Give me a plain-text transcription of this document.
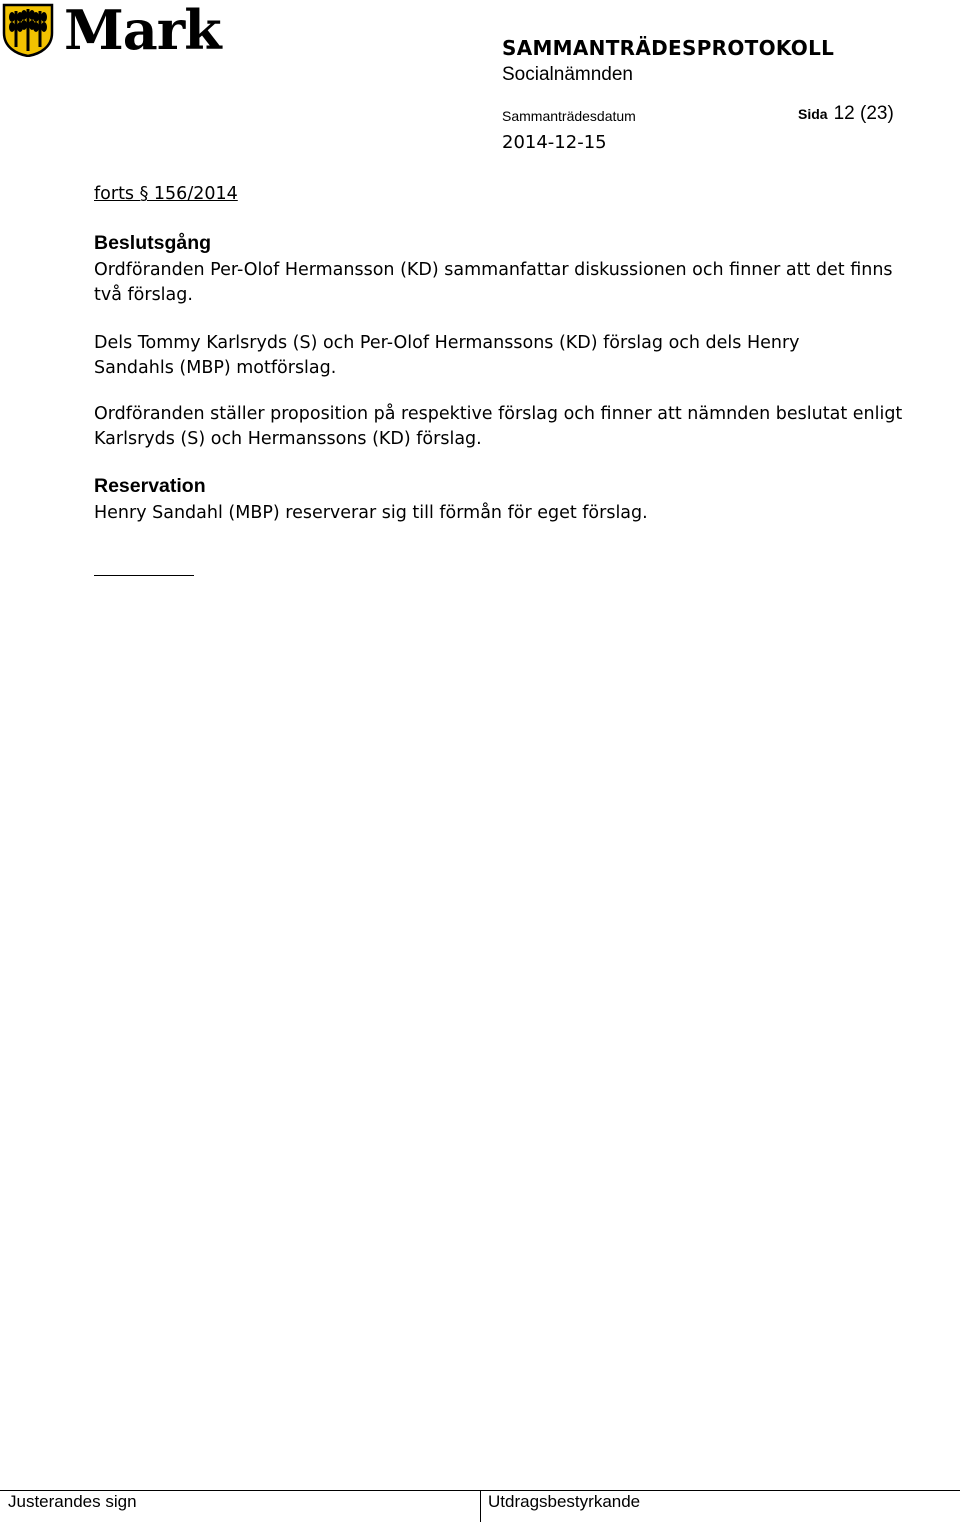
Mark	SAMMANTRÄDESPROTOKOLL
Socialnämnden
Sammanträdesdatum	Sida 12 (23)
2014-12-15
forts § 156/2014
Beslutsgång
Ordföranden Per-Olof Hermansson (KD) sammanfattar diskussionen och finner att det finns två förslag.
Dels Tommy Karlsryds (S) och Per-Olof Hermanssons (KD) förslag och dels Henry Sandahls (MBP) motförslag.
Ordföranden ställer proposition på respektive förslag och finner att nämnden beslutat enligt Karlsryds (S) och Hermanssons (KD) förslag.
Reservation
Henry Sandahl (MBP) reserverar sig till förmån för eget förslag.
Justerandes sign	Utdragsbestyrkande
